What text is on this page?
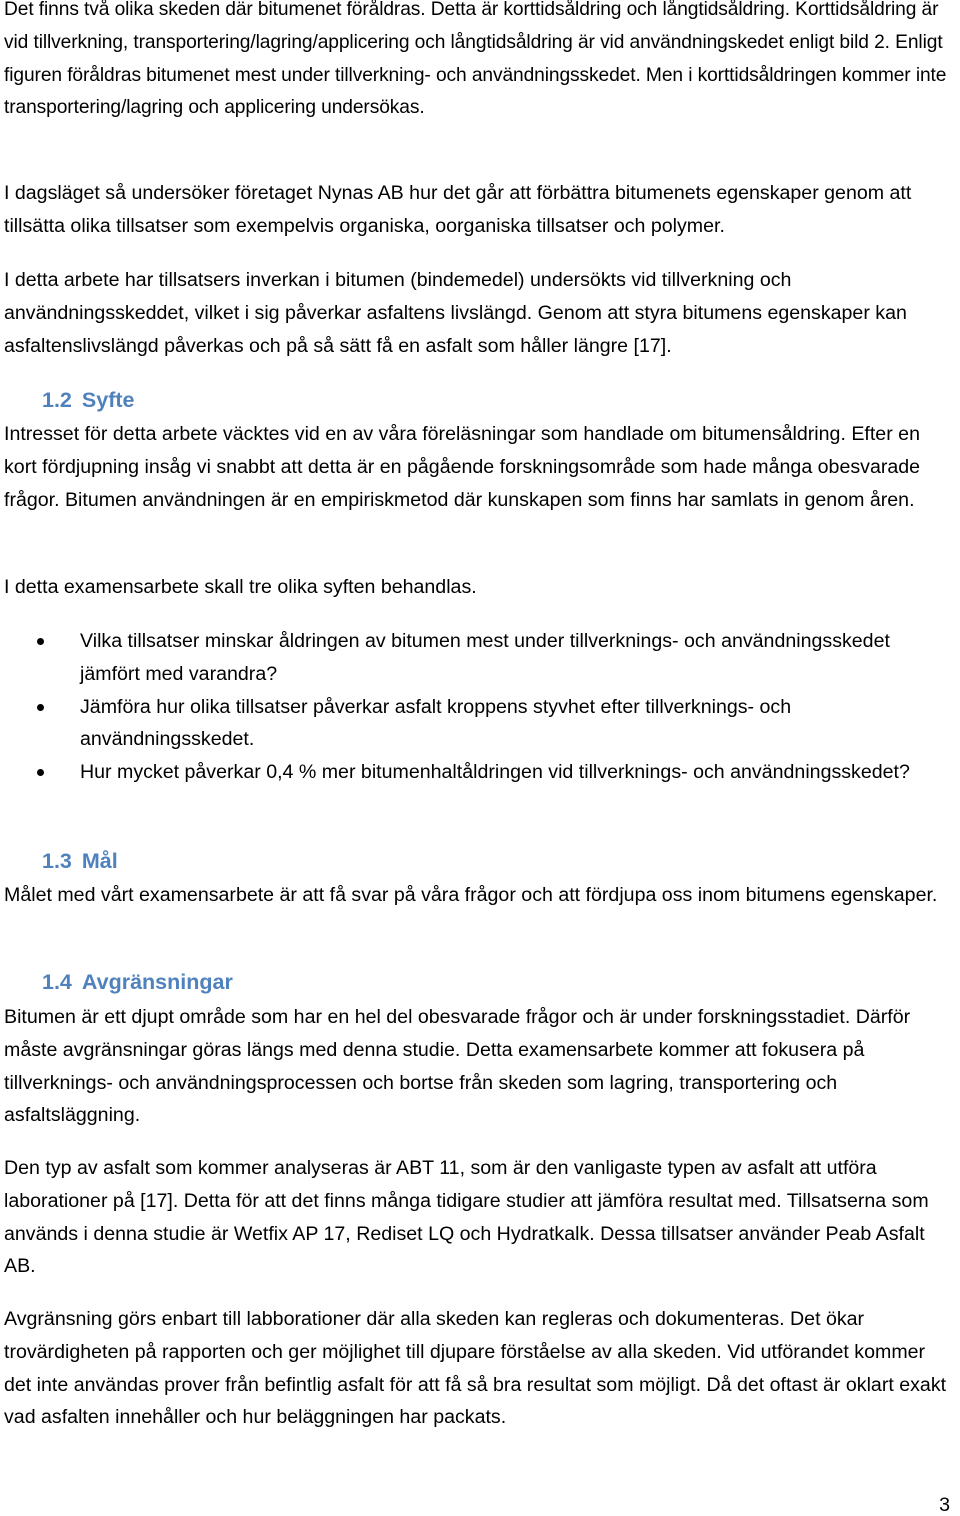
Det finns två olika skeden där bitumenet föråldras. Detta är korttidsåldring och långtidsåldring. Korttidsåldring är vid tillverkning, transportering/lagring/applicering och långtidsåldring är vid användningskedet enligt bild 2. Enligt figuren föråldras bitumenet mest under tillverkning- och användningsskedet. Men i korttidsåldringen kommer inte transportering/lagring och applicering undersökas.

I dagsläget så undersöker företaget Nynas AB hur det går att förbättra bitumenets egenskaper genom att tillsätta olika tillsatser som exempelvis organiska, oorganiska tillsatser och polymer.

I detta arbete har tillsatsers inverkan i bitumen (bindemedel) undersökts vid tillverkning och användningsskeddet, vilket i sig påverkar asfaltens livslängd. Genom att styra bitumens egenskaper kan asfaltenslivslängd påverkas och på så sätt få en asfalt som håller längre [17].

1.2 Syfte

Intresset för detta arbete väcktes vid en av våra föreläsningar som handlade om bitumensåldring. Efter en kort fördjupning insåg vi snabbt att detta är en pågående forskningsområde som hade många obesvarade frågor. Bitumen användningen är en empiriskmetod där kunskapen som finns har samlats in genom åren.

I detta examensarbete skall tre olika syften behandlas.

Vilka tillsatser minskar åldringen av bitumen mest under tillverknings- och användningsskedet jämfört med varandra?
Jämföra hur olika tillsatser påverkar asfalt kroppens styvhet efter tillverknings- och användningsskedet.
Hur mycket påverkar 0,4 % mer bitumenhaltåldringen vid tillverknings- och användningsskedet?
1.3 Mål

Målet med vårt examensarbete är att få svar på våra frågor och att fördjupa oss inom bitumens egenskaper.

1.4 Avgränsningar

Bitumen är ett djupt område som har en hel del obesvarade frågor och är under forskningsstadiet. Därför måste avgränsningar göras längs med denna studie. Detta examensarbete kommer att fokusera på tillverknings- och användningsprocessen och bortse från skeden som lagring, transportering och asfaltsläggning.

Den typ av asfalt som kommer analyseras är ABT 11, som är den vanligaste typen av asfalt att utföra laborationer på [17]. Detta för att det finns många tidigare studier att jämföra resultat med. Tillsatserna som används i denna studie är Wetfix AP 17, Rediset LQ och Hydratkalk. Dessa tillsatser använder Peab Asfalt AB.

Avgränsning görs enbart till labborationer där alla skeden kan regleras och dokumenteras. Det ökar trovärdigheten på rapporten och ger möjlighet till djupare förståelse av alla skeden. Vid utförandet kommer det inte användas prover från befintlig asfalt för att få så bra resultat som möjligt. Då det oftast är oklart exakt vad asfalten innehåller och hur beläggningen har packats.

3
